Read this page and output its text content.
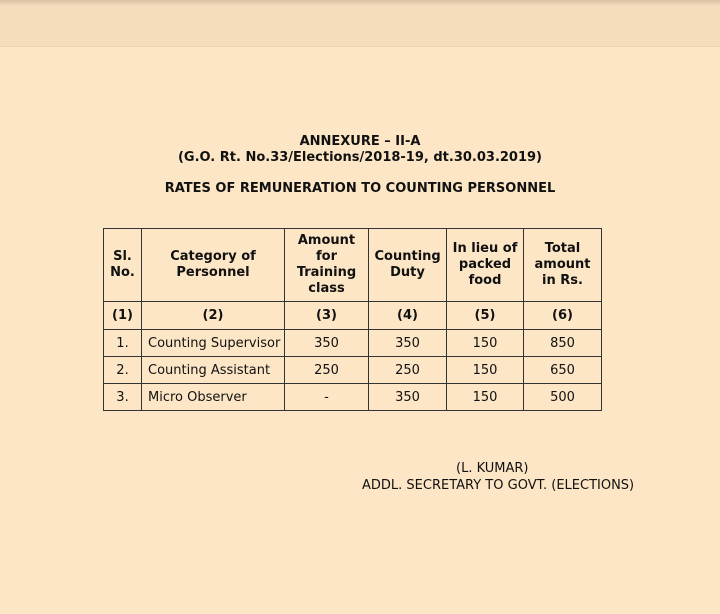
ANNEXURE – II-A
(G.O. Rt. No.33/Elections/2018-19, dt.30.03.2019)
RATES OF REMUNERATION TO COUNTING PERSONNEL
Sl. No.	Category of Personnel	Amount for Training class	Counting Duty	In lieu of packed food	Total amount in Rs.

(1)	(2)	(3)	(4)	(5)	(6)
1.	Counting Supervisor	350	350	150	850
2.	Counting Assistant	250	250	150	650
3.	Micro Observer	-	350	150	500
(L. KUMAR)
ADDL. SECRETARY TO GOVT. (ELECTIONS)
